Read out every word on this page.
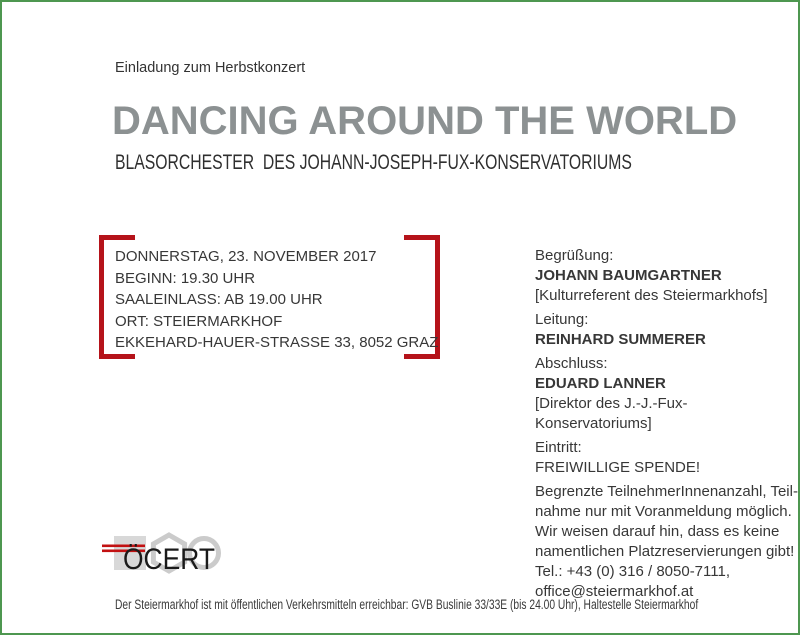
Einladung zum Herbstkonzert
DANCING AROUND THE WORLD
BLASORCHESTER  DES JOHANN-JOSEPH-FUX-KONSERVATORIUMS
DONNERSTAG, 23. NOVEMBER 2017
BEGINN: 19.30 UHR
SAALEINLASS: AB 19.00 UHR
ORT: STEIERMARKHOF
EKKEHARD-HAUER-STRASSE 33, 8052 GRAZ
Begrüßung:
JOHANN BAUMGARTNER
[Kulturreferent des Steiermarkhofs]
Leitung:
REINHARD SUMMERER
Abschluss:
EDUARD LANNER
[Direktor des J.-J.-Fux-Konservatoriums]
Eintritt:
FREIWILLIGE SPENDE!
Begrenzte TeilnehmerInnenanzahl, Teil-
nahme nur mit Voranmeldung möglich.
Wir weisen darauf hin, dass es keine
namentlichen Platzreservierungen gibt!
Tel.: +43 (0) 316 / 8050-7111,
office@steiermarkhof.at
ÖCERT
Der Steiermarkhof ist mit öffentlichen Verkehrsmitteln erreichbar: GVB Buslinie 33/33E (bis 24.00 Uhr), Haltestelle Steiermarkhof
